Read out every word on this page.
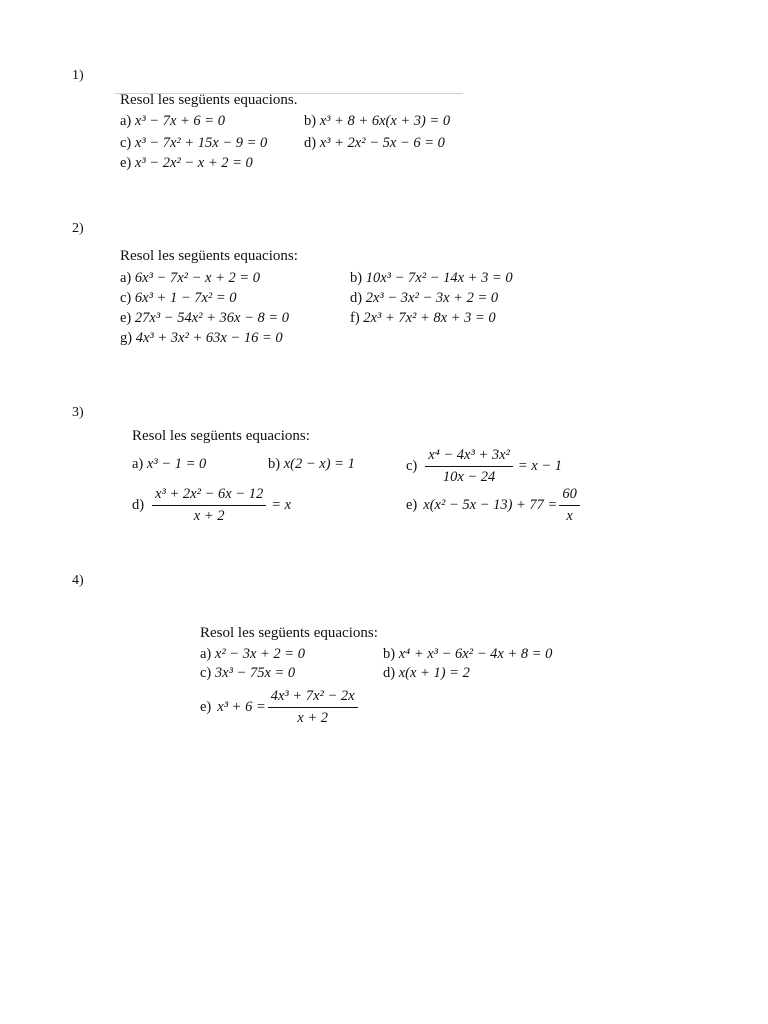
1)
Resol les següents equacions.
a) x³ − 7x + 6 = 0	b) x³ + 8 + 6x(x + 3) = 0
c) x³ − 7x² + 15x − 9 = 0	d) x³ + 2x² − 5x − 6 = 0
e) x³ − 2x² − x + 2 = 0
2)
Resol les següents equacions:
a) 6x³ − 7x² − x + 2 = 0	b) 10x³ − 7x² − 14x + 3 = 0
c) 6x³ + 1 − 7x² = 0	d) 2x³ − 3x² − 3x + 2 = 0
e) 27x³ − 54x² + 36x − 8 = 0	f) 2x³ + 7x² + 8x + 3 = 0
g) 4x³ + 3x² + 63x − 16 = 0
3)
Resol les següents equacions:
a) x³ − 1 = 0	b) x(2 − x) = 1	$c) \frac{\text{x⁴ − 4x³ + 3x²}}{10x - 24} = x - 1$
$d) \frac{\text{x³ + 2x² − 6x − 12}}{x + 2} = x$	e) $x(x^2 - 5x - 13) + 77 = \frac{60}{x}$
4)
Resol les següents equacions:
a) x² − 3x + 2 = 0	b) x⁴ + x³ − 6x² − 4x + 8 = 0
c) 3x³ − 75x = 0	d) x(x + 1) = 2
e) $x^3 + 6 = \frac{\text{4x³ + 7x² − 2x}}{x + 2}$
